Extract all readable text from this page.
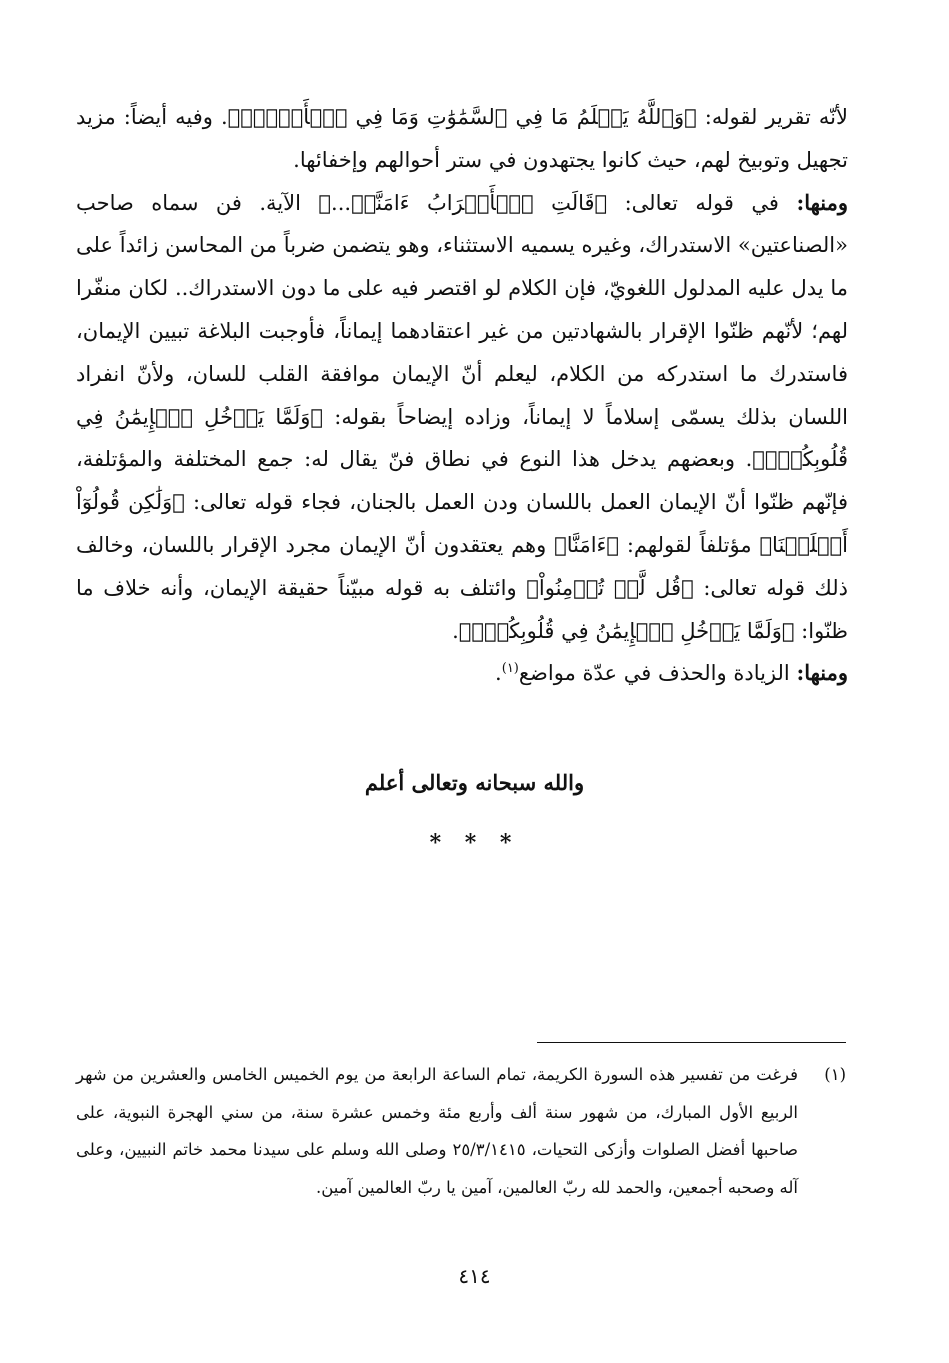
لأنّه تقرير لقوله: ﴿وَٱللَّهُ يَعۡلَمُ مَا فِي ٱلسَّمَٰوَٰتِ وَمَا فِي ٱلۡأَرۡضِۚ﴾. وفيه أيضاً: مزيد تجهيل وتوبيخ لهم، حيث كانوا يجتهدون في ستر أحوالهم وإخفائها.

ومنها: في قوله تعالى: ﴿قَالَتِ ٱلۡأَعۡرَابُ ءَامَنَّاۖ...﴾ الآية. فن سماه صاحب «الصناعتين» الاستدراك، وغيره يسميه الاستثناء، وهو يتضمن ضرباً من المحاسن زائداً على ما يدل عليه المدلول اللغويّ، فإن الكلام لو اقتصر فيه على ما دون الاستدراك.. لكان منفّرا لهم؛ لأنّهم ظنّوا الإقرار بالشهادتين من غير اعتقادهما إيماناً، فأوجبت البلاغة تبيين الإيمان، فاستدرك ما استدركه من الكلام، ليعلم أنّ الإيمان موافقة القلب للسان، ولأنّ انفراد اللسان بذلك يسمّى إسلاماً لا إيماناً، وزاده إيضاحاً بقوله: ﴿وَلَمَّا يَدۡخُلِ ٱلۡإِيمَٰنُ فِي قُلُوبِكُمۡۖ﴾. وبعضهم يدخل هذا النوع في نطاق فنّ يقال له: جمع المختلفة والمؤتلفة، فإنّهم ظنّوا أنّ الإيمان العمل باللسان ودن العمل بالجنان، فجاء قوله تعالى: ﴿وَلَٰكِن قُولُوٓاْ أَسۡلَمۡنَا﴾ مؤتلفاً لقولهم: ﴿ءَامَنَّا﴾ وهم يعتقدون أنّ الإيمان مجرد الإقرار باللسان، وخالف ذلك قوله تعالى: ﴿قُل لَّمۡ تُؤۡمِنُواْ﴾ وائتلف به قوله مبيّناً حقيقة الإيمان، وأنه خلاف ما ظنّوا: ﴿وَلَمَّا يَدۡخُلِ ٱلۡإِيمَٰنُ فِي قُلُوبِكُمۡۖ﴾.

ومنها: الزيادة والحذف في عدّة مواضع$^{(١)}$.

والله سبحانه وتعالى أعلم
* * *
(١)
فرغت من تفسير هذه السورة الكريمة، تمام الساعة الرابعة من يوم الخميس الخامس والعشرين من شهر الربيع الأول المبارك، من شهور سنة ألف وأربع مئة وخمس عشرة سنة، من سني الهجرة النبوية، على صاحبها أفضل الصلوات وأزكى التحيات، ٢٥/٣/١٤١٥ وصلى الله وسلم على سيدنا محمد خاتم النبيين، وعلى آله وصحبه أجمعين، والحمد لله ربّ العالمين، آمين يا ربّ العالمين آمين.
٤١٤
